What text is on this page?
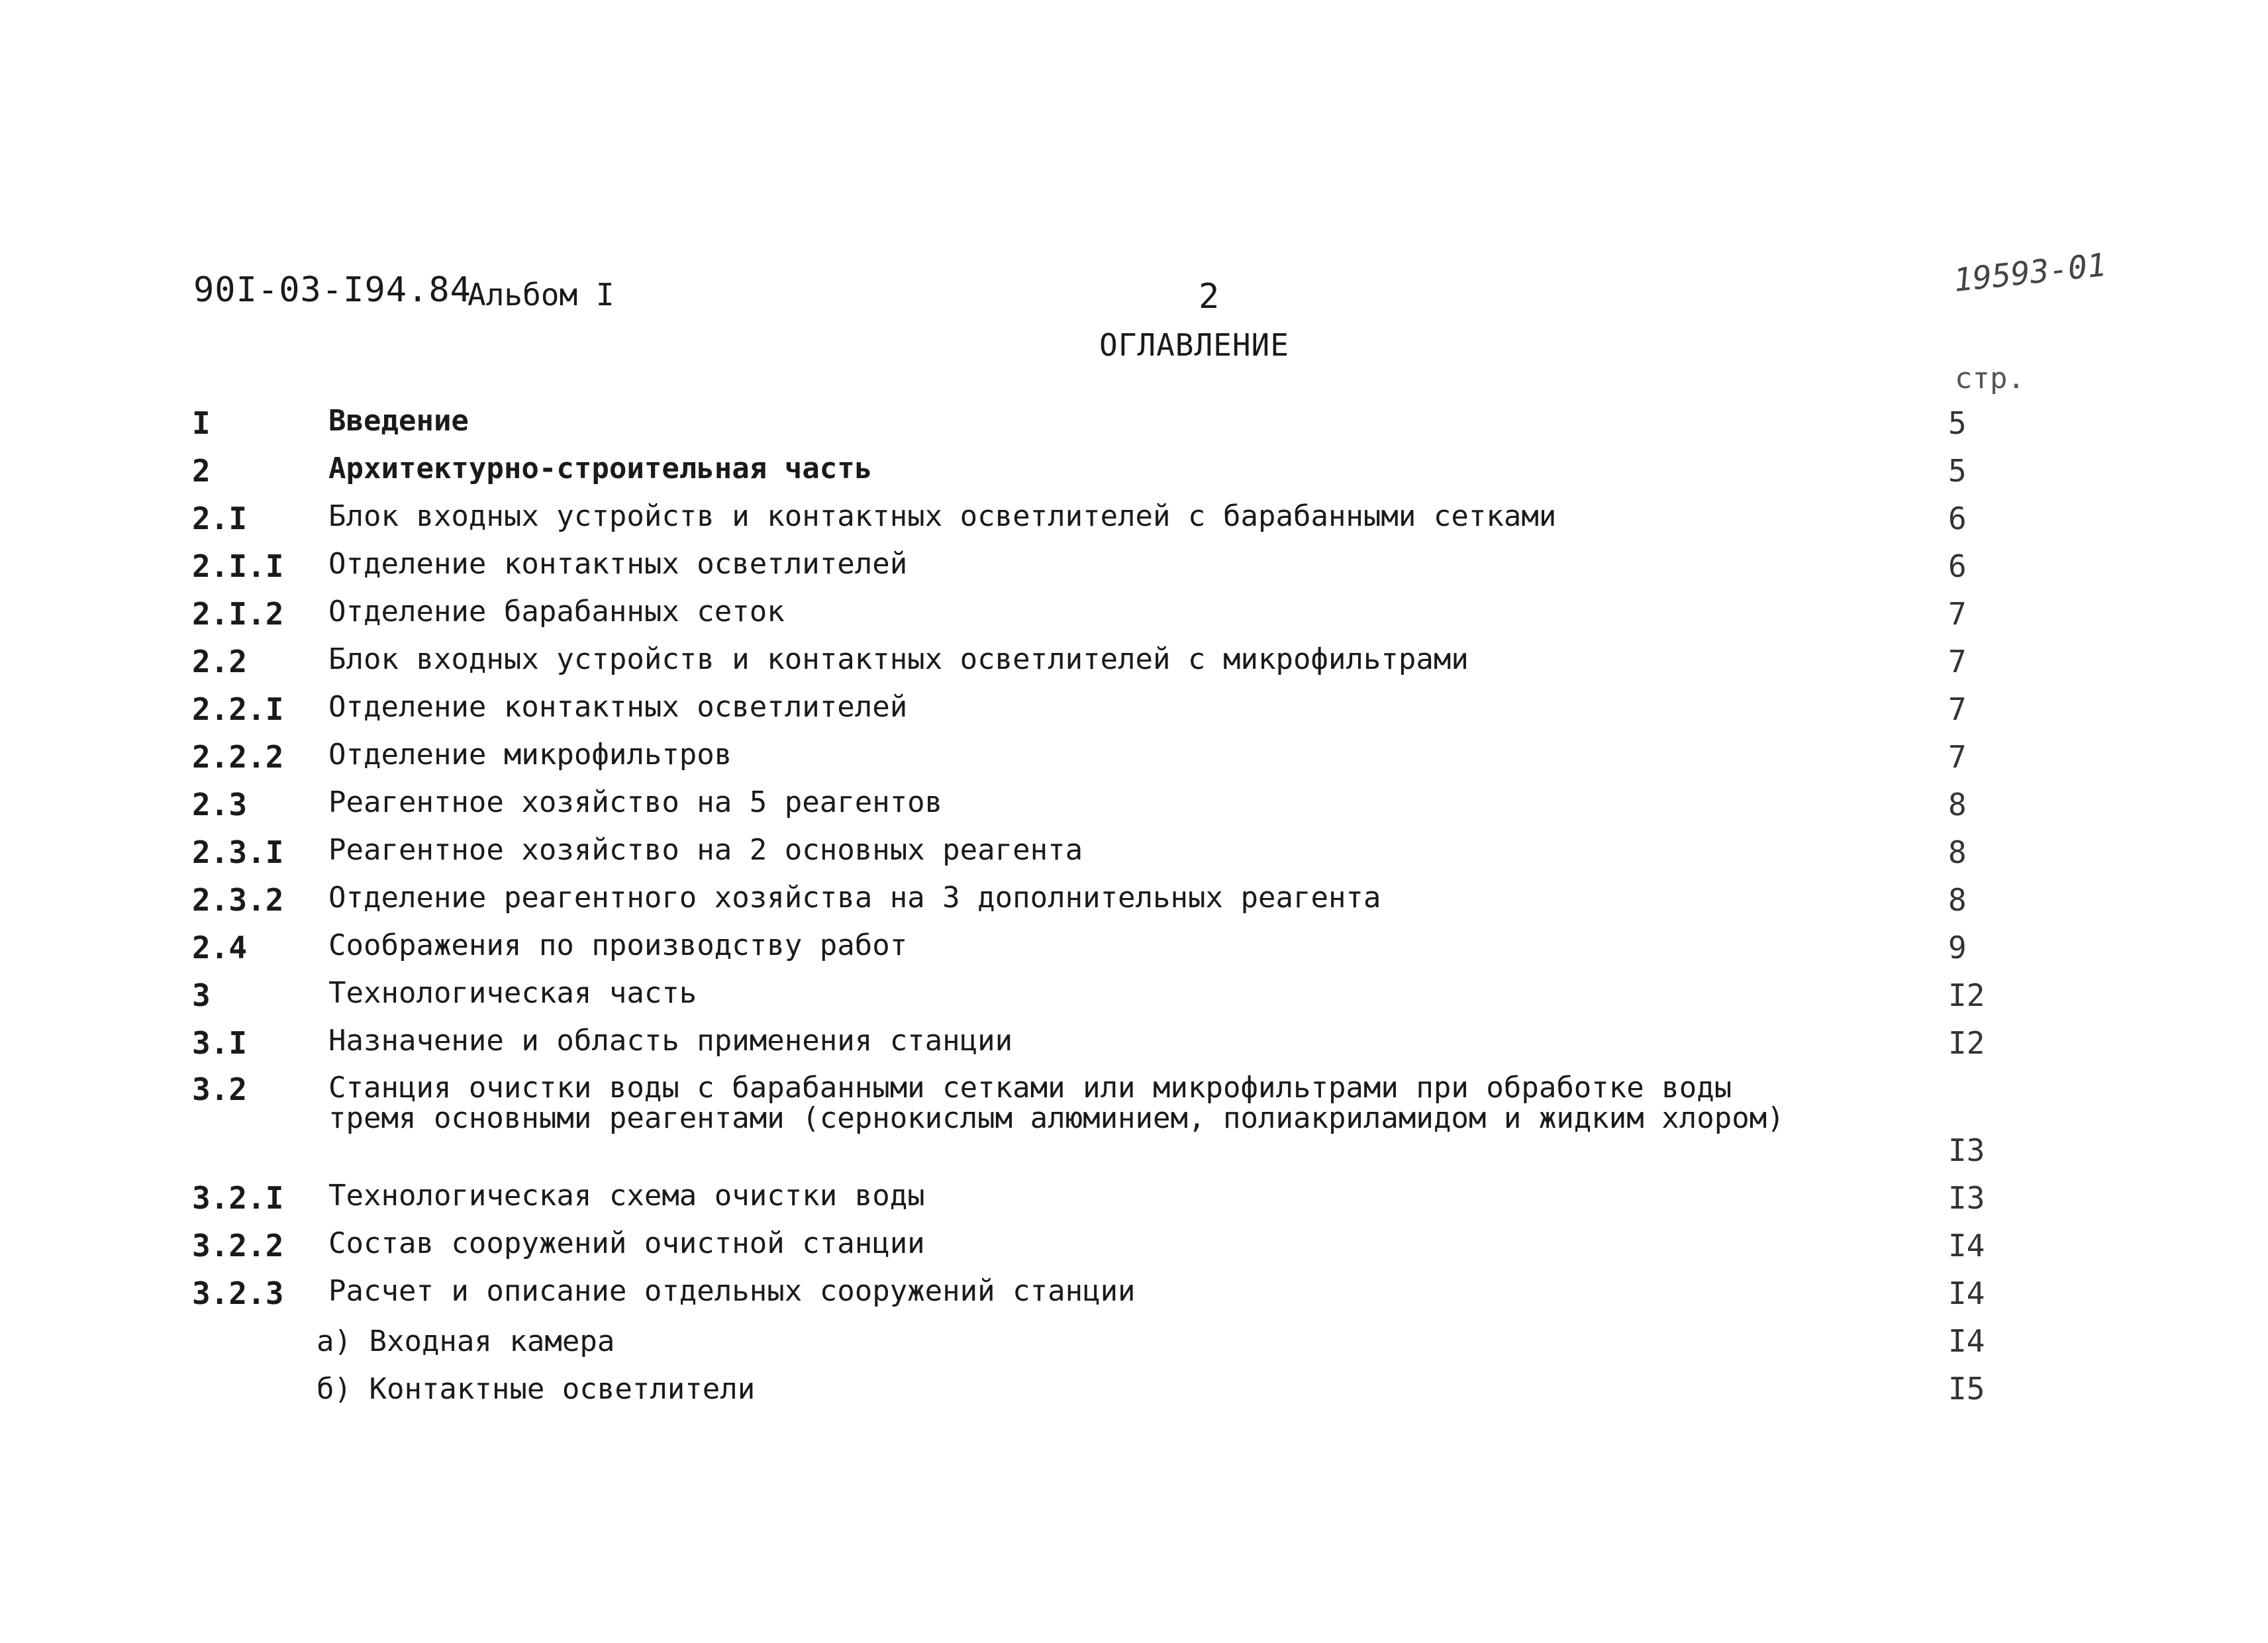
90I-03-I94.84
Альбом I	2	19593-01
ОГЛАВЛЕНИЕ
стр.
I	Введение	5
2	Архитектурно-строительная часть	5
2.I	Блок входных устройств и контактных осветлителей с барабанными сетками	6
2.I.I Отделение контактных осветлителей	6
2.I.2 Отделение барабанных сеток	7
2.2	Блок входных устройств и контактных осветлителей с микрофильтрами	7
2.2.I Отделение контактных осветлителей	7
2.2.2 Отделение микрофильтров	7
2.3	Реагентное хозяйство на 5 реагентов	8
2.3.I Реагентное хозяйство на 2 основных реагента	8
2.3.2 Отделение реагентного хозяйства на 3 дополнительных реагента	8
2.4	Соображения по производству работ	9
3	Технологическая часть	I2
3.I	Назначение и область применения станции	I2
3.2	Станция очистки воды с барабанными сетками или микрофильтрами при обработке воды тремя основными реагентами (сернокислым алюминием, полиакриламидом и жидким хлором)
I3
3.2.I Технологическая схема очистки воды	I3
3.2.2 Состав сооружений очистной станции	I4
3.2.3 Расчет и описание отдельных сооружений станции	I4
а) Входная камера	I4
б) Контактные осветлители	I5
